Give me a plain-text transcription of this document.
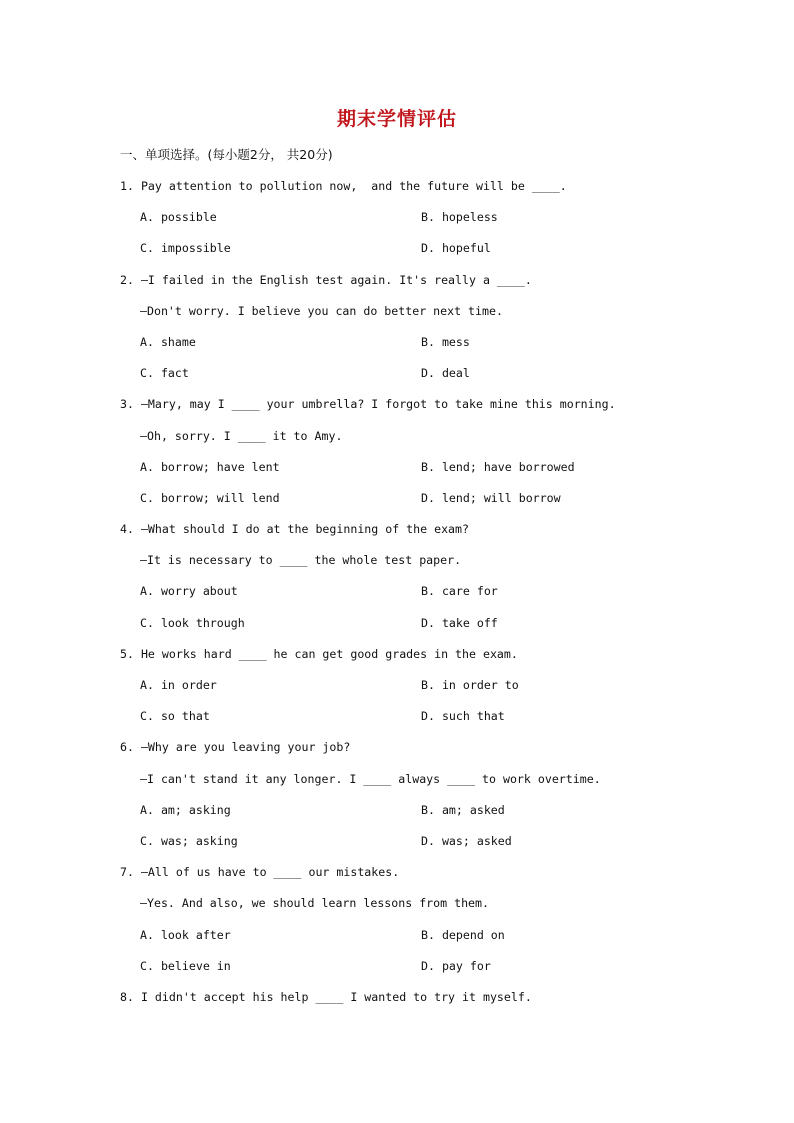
期末学情评估
一、单项选择。(每小题2分， 共20分)
1. Pay attention to pollution now,  and the future will be ____.
A. possible	B. hopeless
C. impossible	D. hopeful
2. —I failed in the English test again. It's really a ____.
—Don't worry. I believe you can do better next time.
A. shame	B. mess
C. fact	D. deal
3. —Mary, may I ____ your umbrella? I forgot to take mine this morning.
—Oh, sorry. I ____ it to Amy.
A. borrow; have lent	B. lend; have borrowed
C. borrow; will lend	D. lend; will borrow
4. —What should I do at the beginning of the exam?
—It is necessary to ____ the whole test paper.
A. worry about	B. care for
C. look through	D. take off
5. He works hard ____ he can get good grades in the exam.
A. in order	B. in order to
C. so that	D. such that
6. —Why are you leaving your job?
—I can't stand it any longer. I ____ always ____ to work overtime.
A. am; asking	B. am; asked
C. was; asking	D. was; asked
7. —All of us have to ____ our mistakes.
—Yes. And also, we should learn lessons from them.
A. look after	B. depend on
C. believe in	D. pay for
8. I didn't accept his help ____ I wanted to try it myself.
